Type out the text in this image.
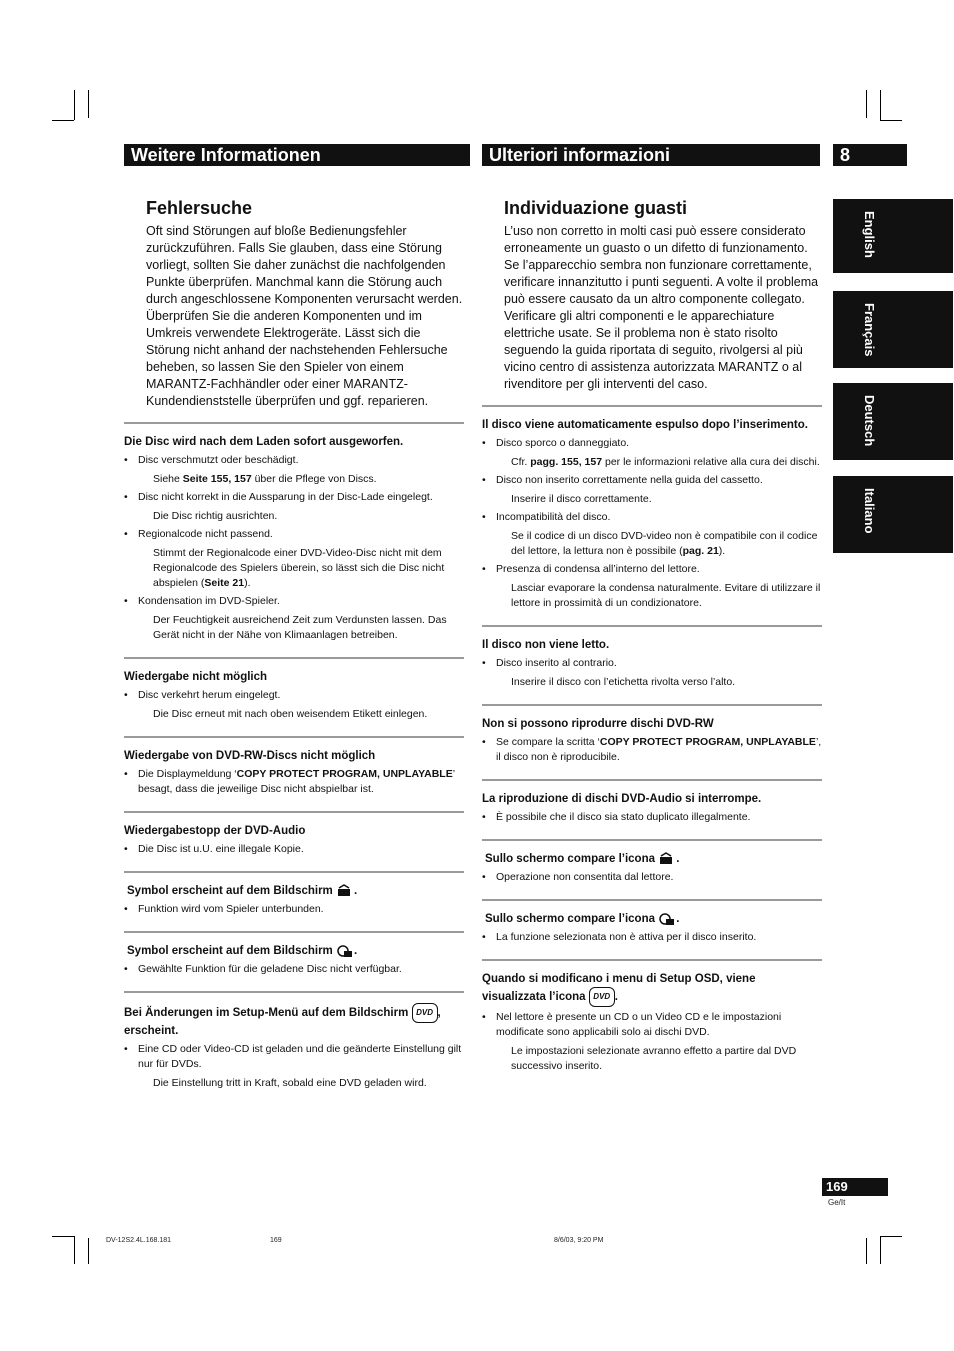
Weitere Informationen	Ulteriori informazioni	8
English
Français
Deutsch
Italiano
Fehlersuche
Oft sind Störungen auf bloße Bedienungsfehler zurückzuführen. Falls Sie glauben, dass eine Störung vorliegt, sollten Sie daher zunächst die nachfolgenden Punkte überprüfen. Manchmal kann die Störung auch durch angeschlossene Komponenten verursacht werden. Überprüfen Sie die anderen Komponenten und im Umkreis verwendete Elektrogeräte. Lässt sich die Störung nicht anhand der nachstehenden Fehlersuche beheben, so lassen Sie den Spieler von einem MARANTZ-Fachhändler oder einer MARANTZ-Kundendienststelle überprüfen und ggf. reparieren.
Die Disc wird nach dem Laden sofort ausgeworfen.
• Disc verschmutzt oder beschädigt.
Siehe Seite 155, 157 über die Pflege von Discs.
• Disc nicht korrekt in die Aussparung in der Disc-Lade eingelegt.
Die Disc richtig ausrichten.
• Regionalcode nicht passend.
Stimmt der Regionalcode einer DVD-Video-Disc nicht mit dem Regionalcode des Spielers überein, so lässt sich die Disc nicht abspielen (Seite 21).
• Kondensation im DVD-Spieler.
Der Feuchtigkeit ausreichend Zeit zum Verdunsten lassen. Das Gerät nicht in der Nähe von Klimaanlagen betreiben.
Wiedergabe nicht möglich
• Disc verkehrt herum eingelegt.
Die Disc erneut mit nach oben weisendem Etikett einlegen.
Wiedergabe von DVD-RW-Discs nicht möglich
• Die Displaymeldung ‘COPY PROTECT PROGRAM, UNPLAYABLE’ besagt, dass die jeweilige Disc nicht abspielbar ist.
Wiedergabestopp der DVD-Audio
• Die Disc ist u.U. eine illegale Kopie.
Symbol erscheint auf dem Bildschirm .
• Funktion wird vom Spieler unterbunden.
Symbol erscheint auf dem Bildschirm .
• Gewählte Funktion für die geladene Disc nicht verfügbar.
Bei Änderungen im Setup-Menü auf dem Bildschirm DVD , erscheint.
• Eine CD oder Video-CD ist geladen und die geänderte Einstellung gilt nur für DVDs.
Die Einstellung tritt in Kraft, sobald eine DVD geladen wird.
Individuazione guasti
L’uso non corretto in molti casi può essere considerato erroneamente un guasto o un difetto di funzionamento. Se l’apparecchio sembra non funzionare correttamente, verificare innanzitutto i punti seguenti. A volte il problema può essere causato da un altro componente collegato. Verificare gli altri componenti e le apparechiature elettriche usate. Se il problema non è stato risolto seguendo la guida riportata di seguito, rivolgersi al più vicino centro di assistenza autorizzata MARANTZ o al rivenditore per gli interventi del caso.
Il disco viene automaticamente espulso dopo l’inserimento.
• Disco sporco o danneggiato.
Cfr. pagg. 155, 157 per le informazioni relative alla cura dei dischi.
• Disco non inserito correttamente nella guida del cassetto.
Inserire il disco correttamente.
• Incompatibilità del disco.
Se il codice di un disco DVD-video non è compatibile con il codice del lettore, la lettura non è possibile (pag. 21).
• Presenza di condensa all’interno del lettore.
Lasciar evaporare la condensa naturalmente. Evitare di utilizzare il lettore in prossimità di un condizionatore.
Il disco non viene letto.
• Disco inserito al contrario.
Inserire il disco con l’etichetta rivolta verso l’alto.
Non si possono riprodurre dischi DVD-RW
• Se compare la scritta ‘COPY PROTECT PROGRAM, UNPLAYABLE’, il disco non è riproducibile.
La riproduzione di dischi DVD-Audio si interrompe.
• È possibile che il disco sia stato duplicato illegalmente.
Sullo schermo compare l’icona .
• Operazione non consentita dal lettore.
Sullo schermo compare l’icona .
• La funzione selezionata non è attiva per il disco inserito.
Quando si modificano i menu di Setup OSD, viene visualizzata l’icona DVD .
• Nel lettore è presente un CD o un Video CD e le impostazioni modificate sono applicabili solo ai dischi DVD.
Le impostazioni selezionate avranno effetto a partire dal DVD successivo inserito.
169
Ge/It
DV-12S2.4L.168.181	169	8/6/03, 9:20 PM
